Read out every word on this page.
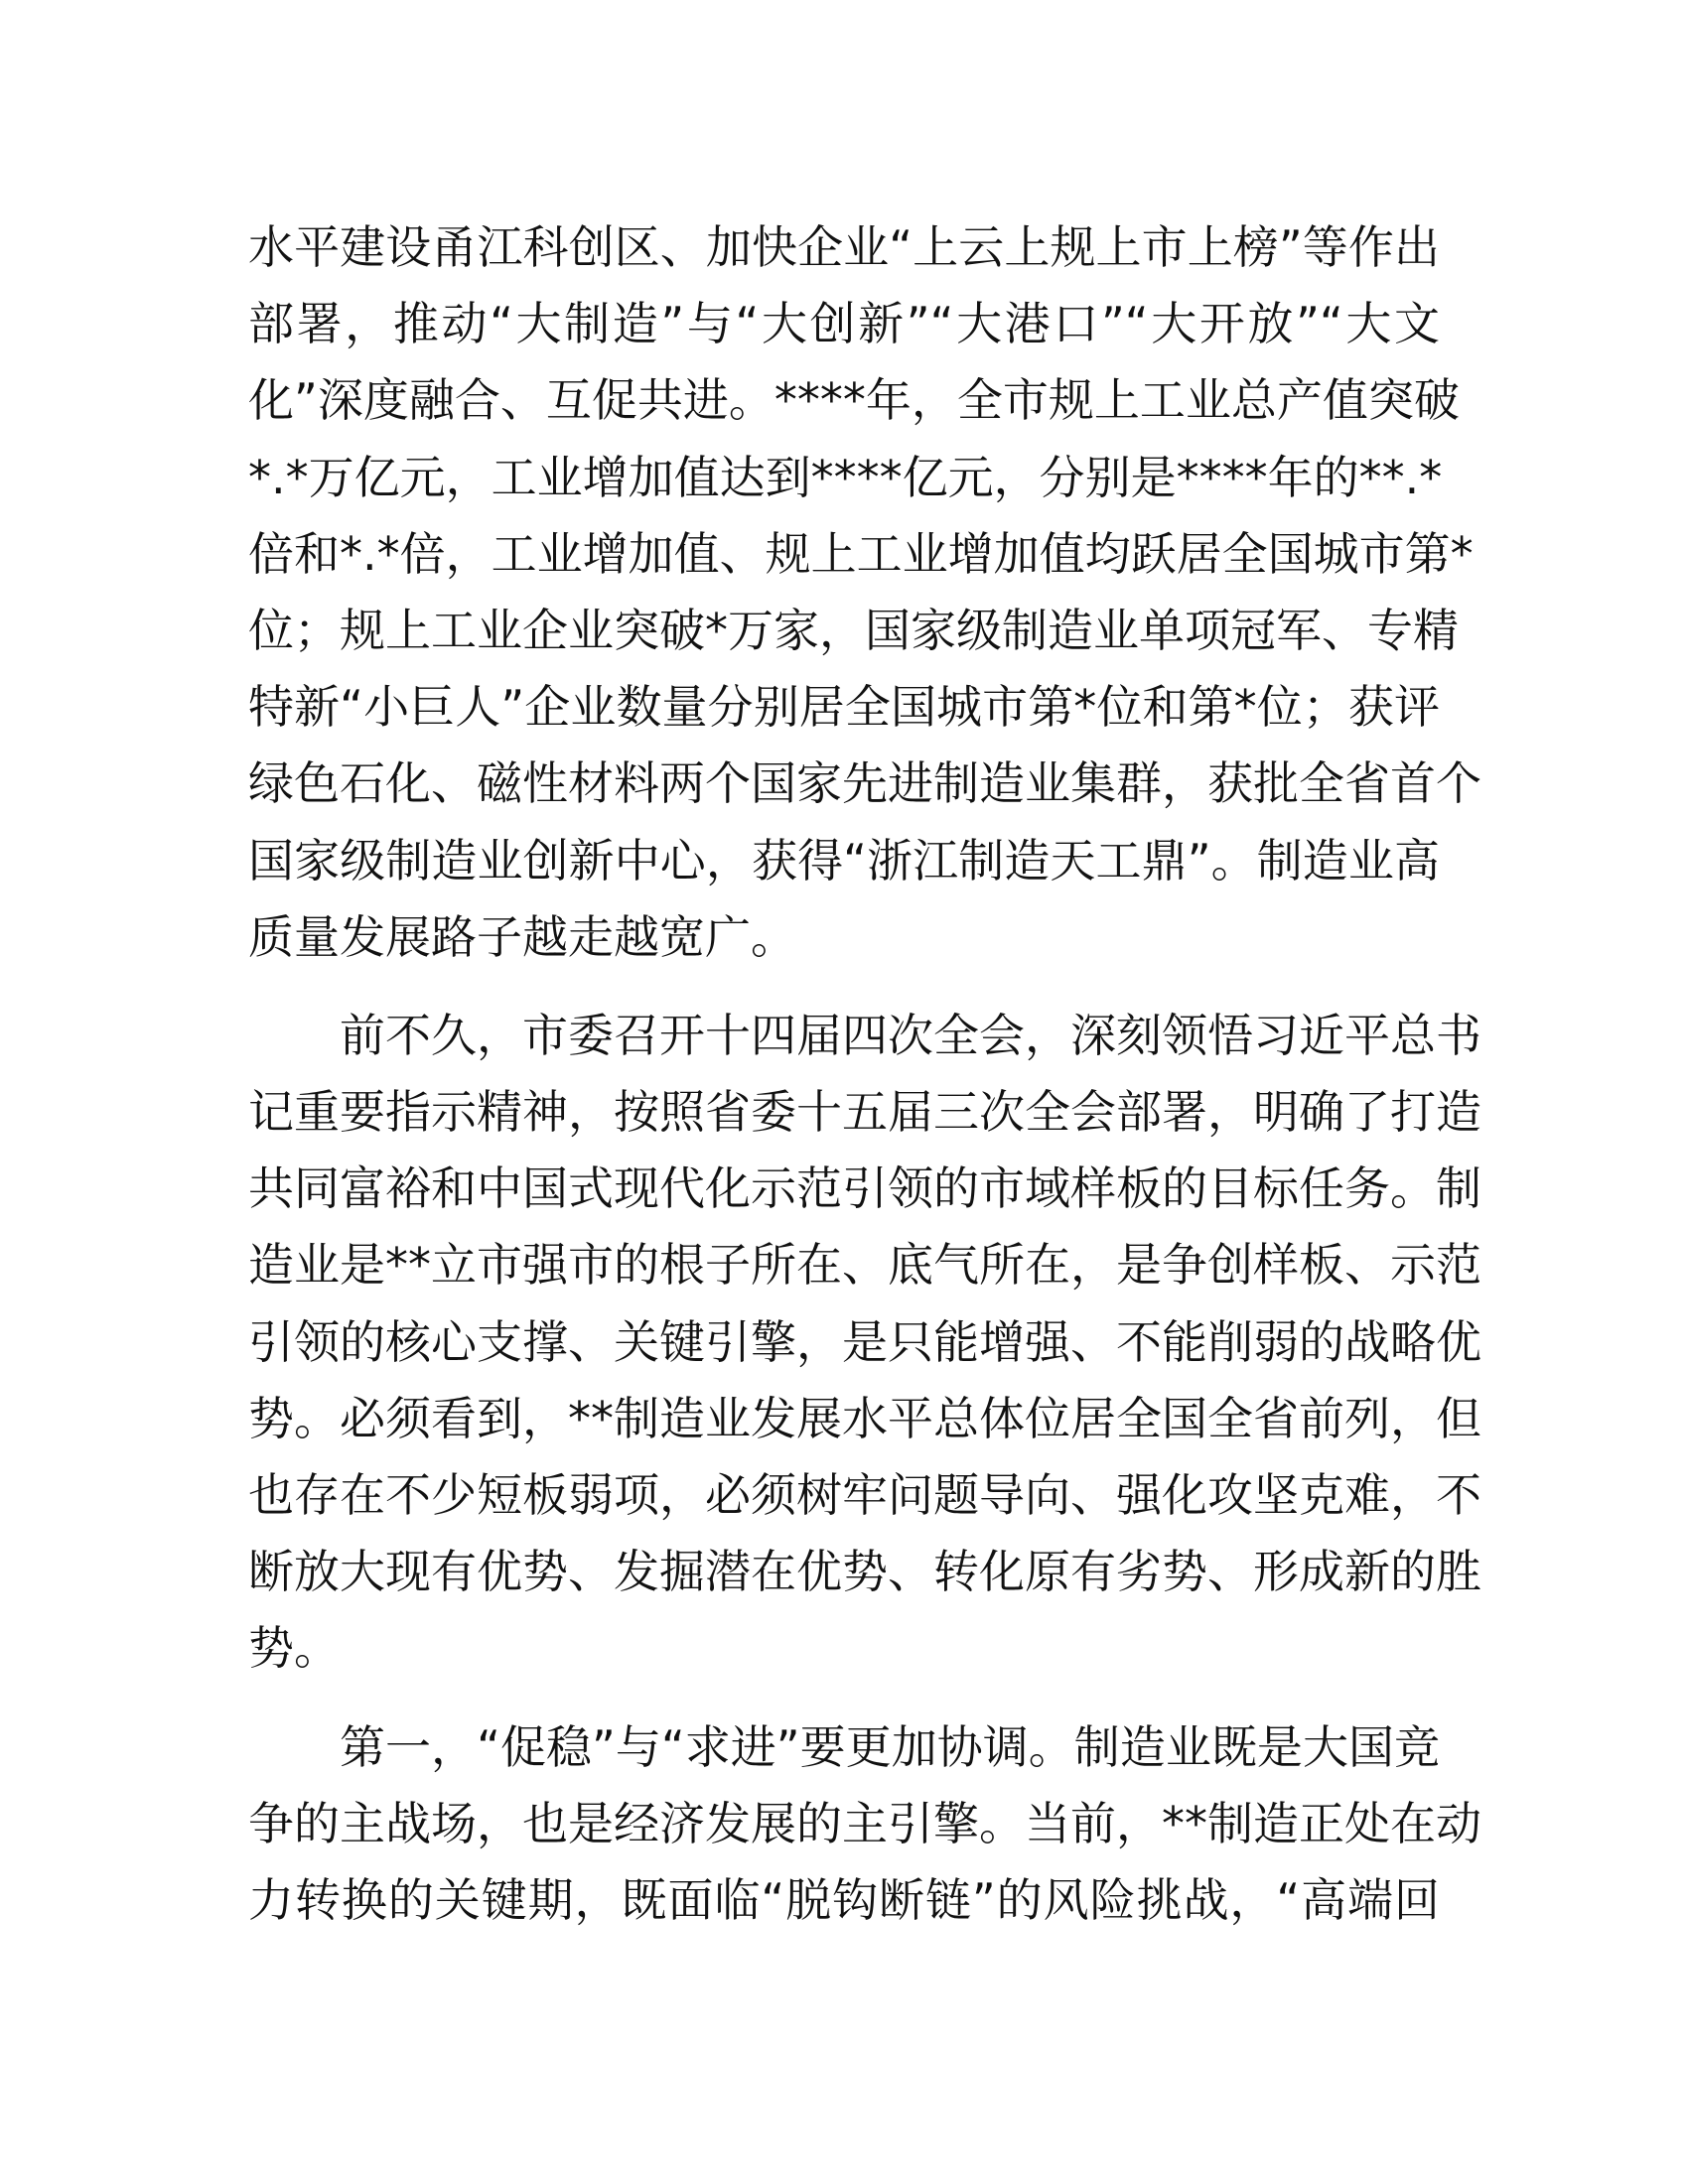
水平建设甬江科创区、加快企业“上云上规上市上榜”等作出
部署，推动“大制造”与“大创新”“大港口”“大开放”“大文
化”深度融合、互促共进。****年，全市规上工业总产值突破
*.*万亿元，工业增加值达到****亿元，分别是****年的**.*
倍和*.*倍，工业增加值、规上工业增加值均跃居全国城市第*
位；规上工业企业突破*万家，国家级制造业单项冠军、专精
特新“小巨人”企业数量分别居全国城市第*位和第*位；获评
绿色石化、磁性材料两个国家先进制造业集群，获批全省首个
国家级制造业创新中心，获得“浙江制造天工鼎”。制造业高
质量发展路子越走越宽广。
前不久，市委召开十四届四次全会，深刻领悟习近平总书
记重要指示精神，按照省委十五届三次全会部署，明确了打造
共同富裕和中国式现代化示范引领的市域样板的目标任务。制
造业是**立市强市的根子所在、底气所在，是争创样板、示范
引领的核心支撑、关键引擎，是只能增强、不能削弱的战略优
势。必须看到，**制造业发展水平总体位居全国全省前列，但
也存在不少短板弱项，必须树牢问题导向、强化攻坚克难，不
断放大现有优势、发掘潜在优势、转化原有劣势、形成新的胜
势。
第一，“促稳”与“求进”要更加协调。制造业既是大国竞
争的主战场，也是经济发展的主引擎。当前，**制造正处在动
力转换的关键期，既面临“脱钩断链”的风险挑战，“高端回
